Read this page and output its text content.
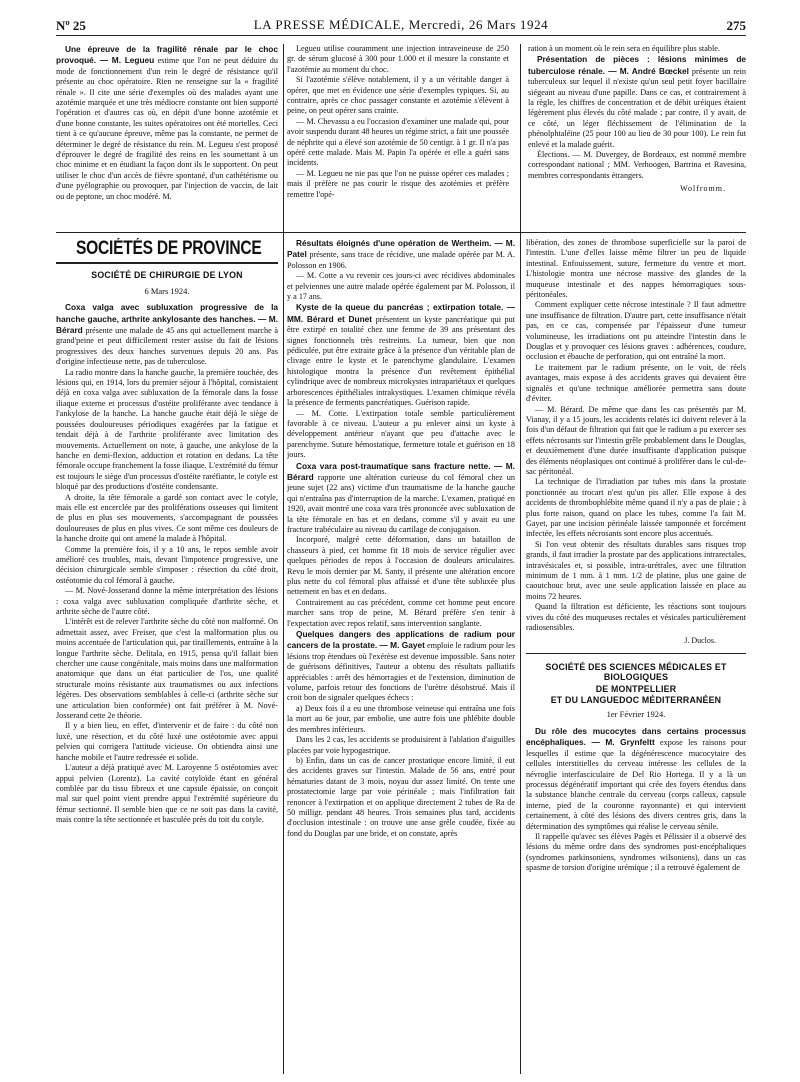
Nº 25	LA PRESSE MÉDICALE, Mercredi, 26 Mars 1924	275

Une épreuve de la fragilité rénale par le choc provoqué. — M. Legueu estime que l'on ne peut déduire du mode de fonctionnement d'un rein le degré de résistance qu'il présente au choc opératoire. Rien ne renseigne sur la « fragilité rénale ». Il cite une série d'exemples où des malades ayant une azotémie marquée et une très médiocre constante ont bien supporté l'opération et d'autres cas où, en dépit d'une bonne azotémie et d'une bonne constante, les suites opératoires ont été mortelles. Ceci tient à ce qu'aucune épreuve, même pas la constante, ne permet de déterminer le degré de résistance du rein. M. Legueu s'est proposé d'éprouver le degré de fragilité des reins en les soumettant à un choc minime et en étudiant la façon dont ils le supportent. On peut utiliser le choc d'un accès de fièvre spontané, d'un cathétérisme ou d'une pyélographie ou provoquer, par l'injection de vaccin, de lait ou de peptone, un choc modéré. M.

Legueu utilise couramment une injection intraveineuse de 250 gr. de sérum glucosé à 300 pour 1.000 et il mesure la constante et l'azotémie au moment du choc.

Si l'azotémie s'élève notablement, il y a un véritable danger à opérer, que met en évidence une série d'exemples typiques. Si, au contraire, après ce choc passager constante et azotémie s'élèvent à peine, on peut opérer sans crainte.

— M. Chevassu a eu l'occasion d'examiner une malade qui, pour avoir suspendu durant 48 heures un régime strict, a fait une poussée de néphrite qui a élevé son azotémie de 50 centigr. à 1 gr. Il n'a pas opéré cette malade. Mais M. Papin l'a opérée et elle a guéri sans incidents.

— M. Legueu ne nie pas que l'on ne puisse opérer ces malades ; mais il préfère ne pas courir le risque des azotémies et préfère remettre l'opé-

ration à un moment où le rein sera en équilibre plus stable.

Présentation de pièces : lésions minimes de tuberculose rénale. — M. André Bœckel présente un rein tuberculeux sur lequel il n'existe qu'un seul petit foyer bacillaire siégeant au niveau d'une papille. Dans ce cas, et contrairement à la règle, les chiffres de concentration et de débit uréiques étaient légèrement plus élevés du côté malade ; par contre, il y avait, de ce côté, un léger fléchissement de l'élimination de la phénolphtaléine (25 pour 100 au lieu de 30 pour 100). Le rein fut enlevé et la malade guérit.

Élections. — M. Duvergey, de Bordeaux, est nommé membre correspondant national ; MM. Verhoogen, Bartrina et Ravesina, membres correspondants étrangers.

Wolfromm.
SOCIÉTÉS DE PROVINCE
SOCIÉTÉ DE CHIRURGIE DE LYON
6 Mars 1924.

Coxa valga avec subluxation progressive de la hanche gauche, arthrite ankylosante des hanches. — M. Bérard présente une malade de 45 ans qui actuellement marche à grand'peine et peut difficilement rester assise du fait de lésions progressives des deux hanches survenues depuis 20 ans. Pas d'origine infectieuse nette, pas de tuberculose.

La radio montre dans la hanche gauche, la première touchée, des lésions qui, en 1914, lors du premier séjour à l'hôpital, consistaient déjà en coxa valga avec subluxation de la fémorale dans la fosse iliaque externe et processus d'ostéite proliférante avec tendance à l'ankylose de la hanche. La hanche gauche était déjà le siège de poussées douloureuses périodiques exagérées par la fatigue et tendait déjà à de l'arthrite proliférante avec limitation des mouvements. Actuellement on note, à gauche, une ankylose de la hanche en demi-flexion, adduction et rotation en dedans. La tête fémorale occupe franchement la fosse iliaque. L'extrémité du fémur est toujours le siège d'un processus d'ostéite raréfiante, le cotyle est bloqué par des productions d'ostéite condensante.

A droite, la tête fémorale a gardé son contact avec le cotyle, mais elle est encerclée par des proliférations osseuses qui limitent de plus en plus ses mouvements, s'accompagnant de poussées douloureuses de plus en plus vives. Ce sont même ces douleurs de la hanche droite qui ont amené la malade à l'hôpital.

Comme la première fois, il y a 10 ans, le repos semble avoir amélioré ces troubles, mais, devant l'impotence progressive, une décision chirurgicale semble s'imposer : résection du côté droit, ostéotomie du col fémoral à gauche.

— M. Nové-Josserand donne la même interprétation des lésions : coxa valga avec subluxation compliquée d'arthrite sèche, et arthrite sèche de l'autre côté.

L'intérêt est de relever l'arthrite sèche du côté non malformé. On admettait assez, avec Freiser, que c'est la malformation plus ou moins accentuée de l'articulation qui, par tiraillements, entraîne à la longue l'arthrite sèche. Delitala, en 1915, pensa qu'il fallait bien chercher une cause congénitale, mais moins dans une malformation anatomique que dans un état particulier de l'os, une qualité structurale moins résistante aux traumatismes ou aux infections légères. Des observations semblables à celle-ci (arthrite sèche sur une articulation bien conformée) ont fait préférer à M. Nové-Josserand cette 2e théorie.

Il y a bien lieu, en effet, d'intervenir et de faire : du côté non luxé, une résection, et du côté luxé une ostéotomie avec appui pelvien qui corrigera l'attitude vicieuse. On obtiendra ainsi une hanche mobile et l'autre redressée et solide.

L'auteur a déjà pratiqué avec M. Laroyenne 5 ostéotomies avec appui pelvien (Lorentz). La cavité cotyloïde étant en général comblée par du tissu fibreux et une capsule épaissie, on conçoit mal sur quel point vient prendre appui l'extrémité supérieure du fémur sectionné. Il semble bien que ce ne soit pas dans la cavité, mais contre la tête sectionnée et basculée près du toit du cotyle.

Résultats éloignés d'une opération de Wertheim. — M. Patel présente, sans trace de récidive, une malade opérée par M. A. Polosson en 1906.

— M. Cotte a vu revenir ces jours-ci avec récidives abdominales et pelviennes une autre malade opérée également par M. Polosson, il y a 17 ans.

Kyste de la queue du pancréas ; extirpation totale. — MM. Bérard et Dunet présentent un kyste pancréatique qui put être extirpé en totalité chez une femme de 39 ans présentant des signes fonctionnels très restreints. La tumeur, bien que non pédiculée, put être extraite grâce à la présence d'un véritable plan de clivage entre le kyste et le parenchyme glandulaire. L'examen histologique montra la présence d'un revêtement épithélial cylindrique avec de nombreux microkystes intrapariétaux et quelques arborescences épithéliales intrakystiques. L'examen chimique révéla la présence de ferments pancréatiques. Guérison rapide.

— M. Cotte. L'extirpation totale semble particulièrement favorable à ce niveau. L'auteur a pu enlever ainsi un kyste à développement antérieur n'ayant que peu d'attache avec le parenchyme. Suture hémostatique, fermeture totale et guérison en 18 jours.

Coxa vara post-traumatique sans fracture nette. — M. Bérard rapporte une altération curieuse du col fémoral chez un jeune sujet (22 ans) victime d'un traumatisme de la hanche gauche qui n'entraîna pas d'interruption de la marche. L'examen, pratiqué en 1920, avait montré une coxa vara très prononcée avec subluxation de la tête fémorale en bas et en dedans, comme s'il y avait eu une fracture trabéculaire au niveau du cartilage de conjugaison.

Incorporé, malgré cette déformation, dans un bataillon de chasseurs à pied, cet homme fit 18 mois de service régulier avec quelques périodes de repos à l'occasion de douleurs articulaires. Revu le mois dernier par M. Santy, il présente une altération encore plus nette du col fémoral plus affaissé et d'une tête subluxée plus nettement en bas et en dedans.

Contrairement au cas précédent, comme cet homme peut encore marcher sans trop de peine, M. Bérard préfère s'en tenir à l'expectation avec repos relatif, sans intervention sanglante.

Quelques dangers des applications de radium pour cancers de la prostate. — M. Gayet emploie le radium pour les lésions trop étendues où l'exérèse est devenue impossible. Sans noter de guérisons définitives, l'auteur a obtenu des résultats palliatifs appréciables : arrêt des hémorragies et de l'extension, diminution de volume, parfois retour des fonctions de l'urètre désobstrué. Mais il croit bon de signaler quelques échecs :

a) Deux fois il a eu une thrombose veineuse qui entraîna une fois la mort au 6e jour, par embolie, une autre fois une phlébite double des membres inférieurs.

Dans les 2 cas, les accidents se produisirent à l'ablation d'aiguilles placées par voie hypogastrique.

b) Enfin, dans un cas de cancer prostatique encore limité, il eut des accidents graves sur l'intestin. Malade de 56 ans, entré pour hématuries datant de 3 mois, noyau dur assez limité. On tente une prostatectomie large par voie périnéale ; mais l'infiltration fait renoncer à l'extirpation et on applique directement 2 tubes de Ra de 50 milligr. pendant 48 heures. Trois semaines plus tard, accidents d'occlusion intestinale : on trouve une anse grêle coudée, fixée au fond du Douglas par une bride, et on constate, après

libération, des zones de thrombose superficielle sur la paroi de l'intestin. L'une d'elles laisse même filtrer un peu de liquide intestinal. Enfouissement, suture, fermeture du ventre et mort. L'histologie montra une nécrose massive des glandes de la muqueuse intestinale et des nappes hémorragiques sous-péritonéales.

Comment expliquer cette nécrose intestinale ? Il faut admettre une insuffisance de filtration. D'autre part, cette insuffisance n'était pas, en ce cas, compensée par l'épaisseur d'une tumeur volumineuse, les irradiations ont pu atteindre l'intestin dans le Douglas et y provoquer ces lésions graves : adhérences, coudure, occlusion et ébauche de perforation, qui ont entraîné la mort.

Le traitement par le radium présente, on le voit, de réels avantages, mais expose à des accidents graves qui devaient être signalés et qu'une technique améliorée permettra sans doute d'éviter.

— M. Bérard. De même que dans les cas présentés par M. Vianay, il y a 15 jours, les accidents relatés ici doivent relever à la fois d'un défaut de filtration qui fait que le radium a pu exercer ses effets nécrosants sur l'intestin grêle probablement dans le Douglas, et deuxièmement d'une durée insuffisante d'application puisque des éléments néoplasiques ont continué à proliférer dans le cul-de-sac péritonéal.

La technique de l'irradiation par tubes mis dans la prostate ponctionnée au trocart n'est qu'un pis aller. Elle expose à des accidents de thrombophlébite même quand il n'y a pas de plaie ; à plus forte raison, quand on place les tubes, comme l'a fait M. Gayet, par une incision périnéale laissée tamponnée et forcément infectée, les effets nécrosants sont encore plus accentués.

Si l'on veut obtenir des résultats durables sans risques trop grands, il faut irradier la prostate par des applications intrarectales, intravésicales et, si possible, intra-urétrales, avec une filtration minimum de 1 mm. à 1 mm. 1/2 de platine, plus une gaine de caoutchouc brut, avec une seule application laissée en place au moins 72 heures.

Quand la filtration est déficiente, les réactions sont toujours vives du côté des muqueuses rectales et vésicales particulièrement radiosensibles.

J. Duclos.
SOCIÉTÉ DES SCIENCES MÉDICALES ET BIOLOGIQUES
DE MONTPELLIER
ET DU LANGUEDOC MÉDITERRANÉEN
1er Février 1924.

Du rôle des mucocytes dans certains processus encéphaliques. — M. Grynfeltt expose les raisons pour lesquelles il estime que la dégénérescence mucocytaire des cellules interstitielles du cerveau intéresse les cellules de la névroglie interfasciculaire de Del Rio Hortega. Il y a là un processus dégénératif important qui crée des foyers étendus dans la substance blanche centrale du cerveau (corps calleux, capsule interne, pied de la couronne rayonnante) et qui intervient certainement, à côté des lésions des divers centres gris, dans la détermination des symptômes qui réalise le cerveau sénile.

Il rappelle qu'avec ses élèves Pagès et Pélissier il a observé des lésions du même ordre dans des syndromes post-encéphaliques (syndromes parkinsoniens, syndromes wilsoniens), dans un cas spasme de torsion d'origine urémique ; il a retrouvé également de
